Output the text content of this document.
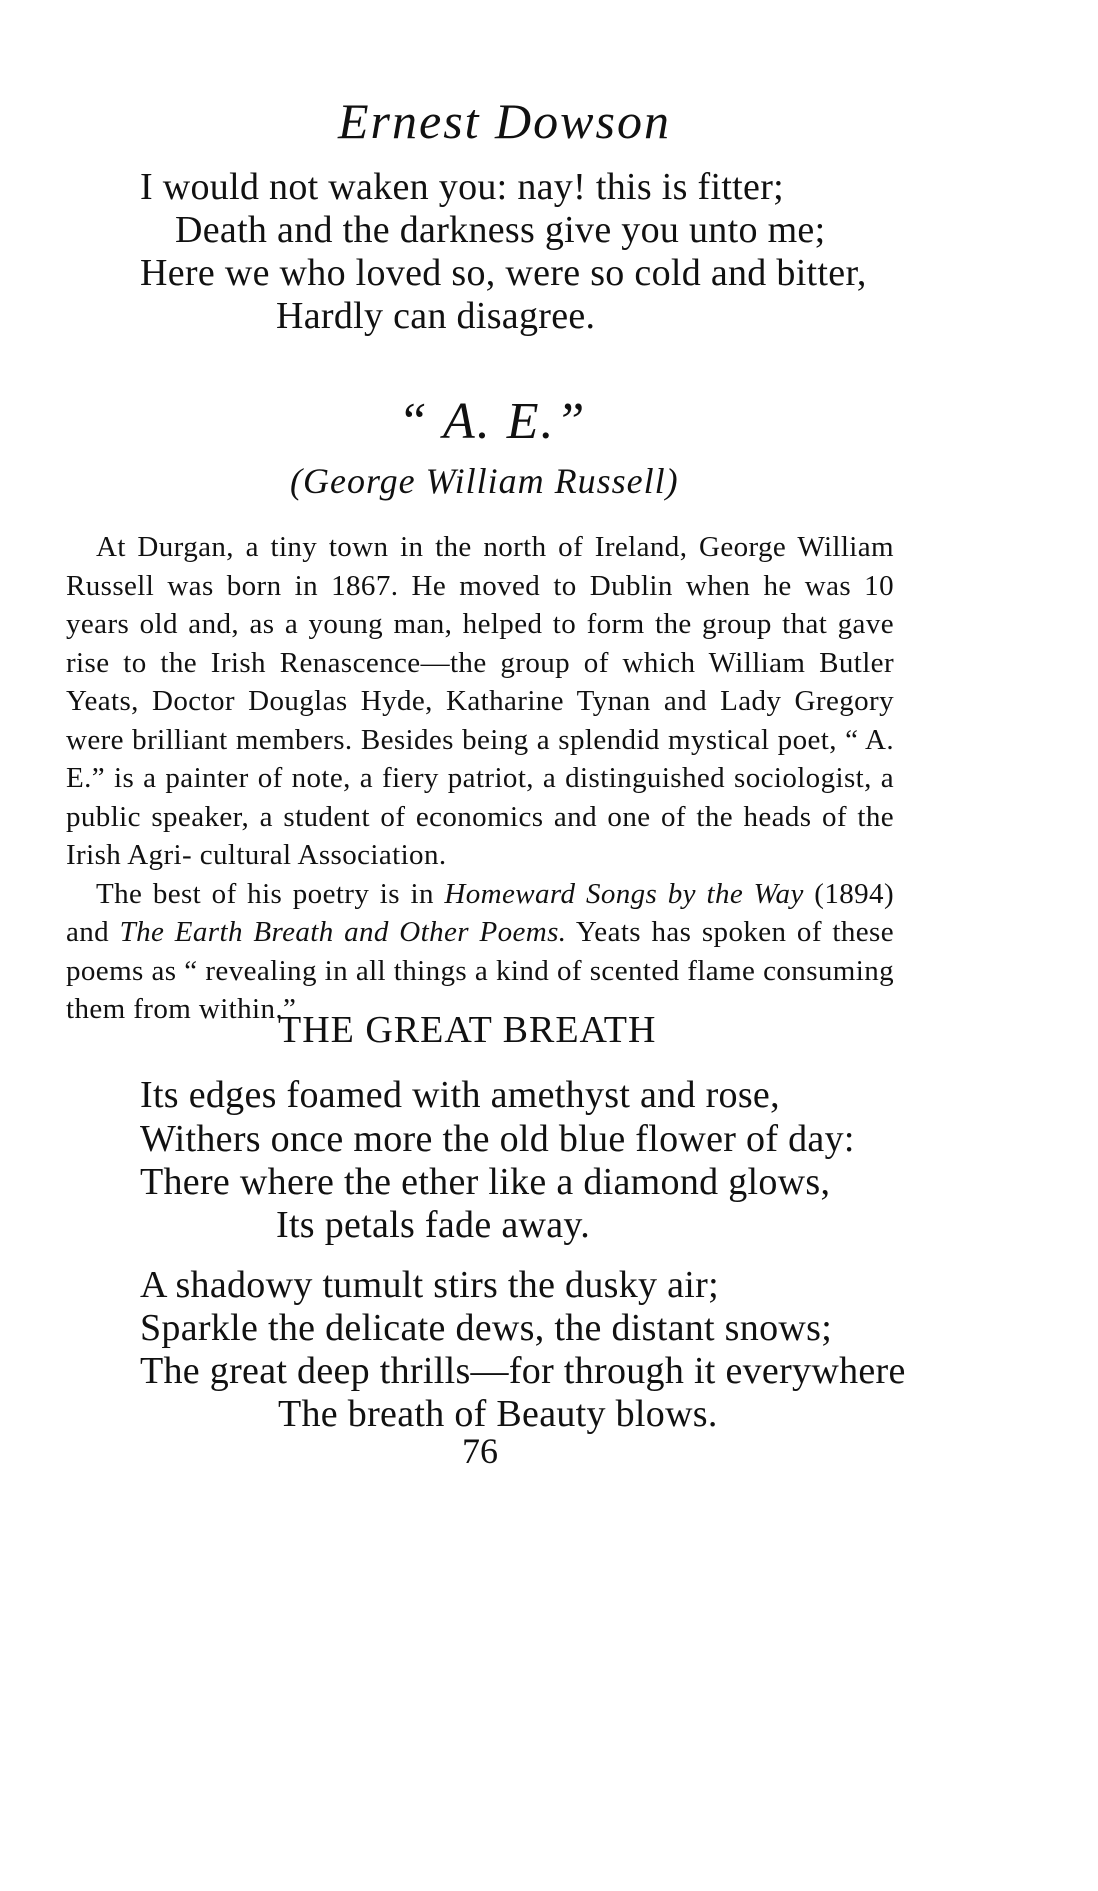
Ernest Dowson
I would not waken you: nay! this is fitter;
Death and the darkness give you unto me;
Here we who loved so, were so cold and bitter,
Hardly can disagree.
“ A. E.”
(George William Russell)

At Durgan, a tiny town in the north of Ireland, George William Russell was born in 1867. He moved to Dublin when he was 10 years old and, as a young man, helped to form the group that gave rise to the Irish Renascence—the group of which William Butler Yeats, Doctor Douglas Hyde, Katharine Tynan and Lady Gregory were brilliant members. Besides being a splendid mystical poet, “ A. E.” is a painter of note, a fiery patriot, a distinguished sociologist, a public speaker, a student of economics and one of the heads of the Irish Agri- cultural Association.

The best of his poetry is in Homeward Songs by the Way (1894) and The Earth Breath and Other Poems. Yeats has spoken of these poems as “ revealing in all things a kind of scented flame consuming them from within.”

THE GREAT BREATH
Its edges foamed with amethyst and rose,
Withers once more the old blue flower of day:
There where the ether like a diamond glows,
Its petals fade away.
A shadowy tumult stirs the dusky air;
Sparkle the delicate dews, the distant snows;
The great deep thrills—for through it everywhere
The breath of Beauty blows.
76
